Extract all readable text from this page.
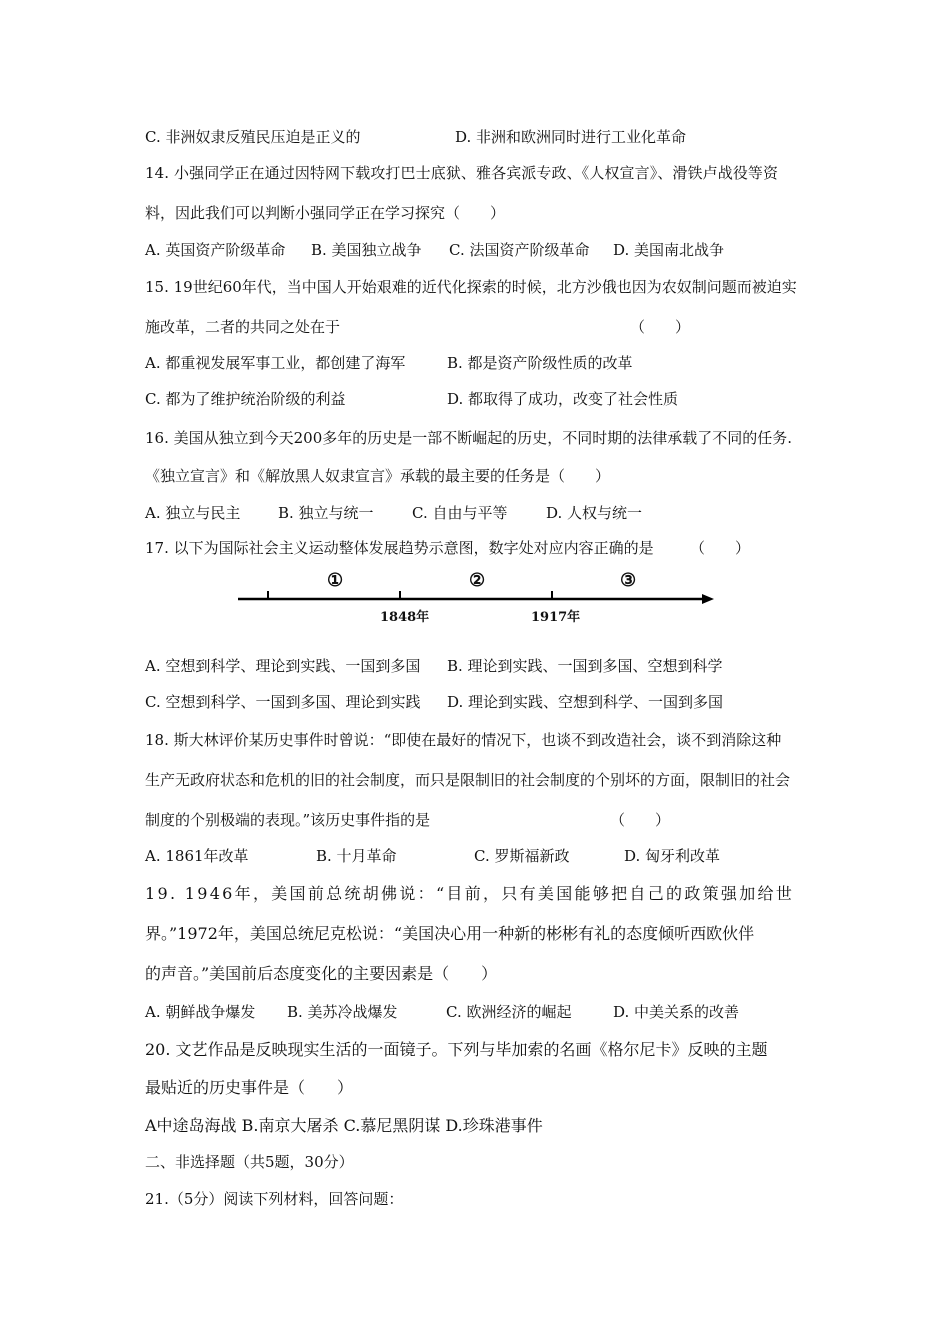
C. 非洲奴隶反殖民压迫是正义的	D. 非洲和欧洲同时进行工业化革命
14. 小强同学正在通过因特网下载攻打巴士底狱、雅各宾派专政、《人权宣言》、滑铁卢战役等资
料，因此我们可以判断小强同学正在学习探究（　　）
A. 英国资产阶级革命 B. 美国独立战争 C. 法国资产阶级革命 D. 美国南北战争
15. 19世纪60年代，当中国人开始艰难的近代化探索的时候，北方沙俄也因为农奴制问题而被迫实
施改革，二者的共同之处在于	（　　）
A. 都重视发展军事工业，都创建了海军	B. 都是资产阶级性质的改革
C. 都为了维护统治阶级的利益	D. 都取得了成功，改变了社会性质
16. 美国从独立到今天200多年的历史是一部不断崛起的历史，不同时期的法律承载了不同的任务.
《独立宣言》和《解放黑人奴隶宣言》承载的最主要的任务是（　　）
A. 独立与民主	B. 独立与统一	C. 自由与平等	D. 人权与统一
17. 以下为国际社会主义运动整体发展趋势示意图，数字处对应内容正确的是 （　　）
①	②	③
1848年	1917年
A. 空想到科学、理论到实践、一国到多国 B. 理论到实践、一国到多国、空想到科学
C. 空想到科学、一国到多国、理论到实践 D. 理论到实践、空想到科学、一国到多国
18. 斯大林评价某历史事件时曾说：“即使在最好的情况下，也谈不到改造社会，谈不到消除这种
生产无政府状态和危机的旧的社会制度，而只是限制旧的社会制度的个别坏的方面，限制旧的社会
制度的个别极端的表现。”该历史事件指的是	（　　）
A. 1861年改革	B. 十月革命	C. 罗斯福新政	D. 匈牙利改革
19. 1946年，美国前总统胡佛说：“目前，只有美国能够把自己的政策强加给世
界。”1972年，美国总统尼克松说：“美国决心用一种新的彬彬有礼的态度倾听西欧伙伴
的声音。”美国前后态度变化的主要因素是（　　）
A. 朝鲜战争爆发 B. 美苏冷战爆发	C. 欧洲经济的崛起	D. 中美关系的改善
20. 文艺作品是反映现实生活的一面镜子。下列与毕加索的名画《格尔尼卡》反映的主题
最贴近的历史事件是（　　）
A中途岛海战 B.南京大屠杀 C.慕尼黑阴谋 D.珍珠港事件
二、非选择题（共5题，30分）
21.（5分）阅读下列材料，回答问题：
